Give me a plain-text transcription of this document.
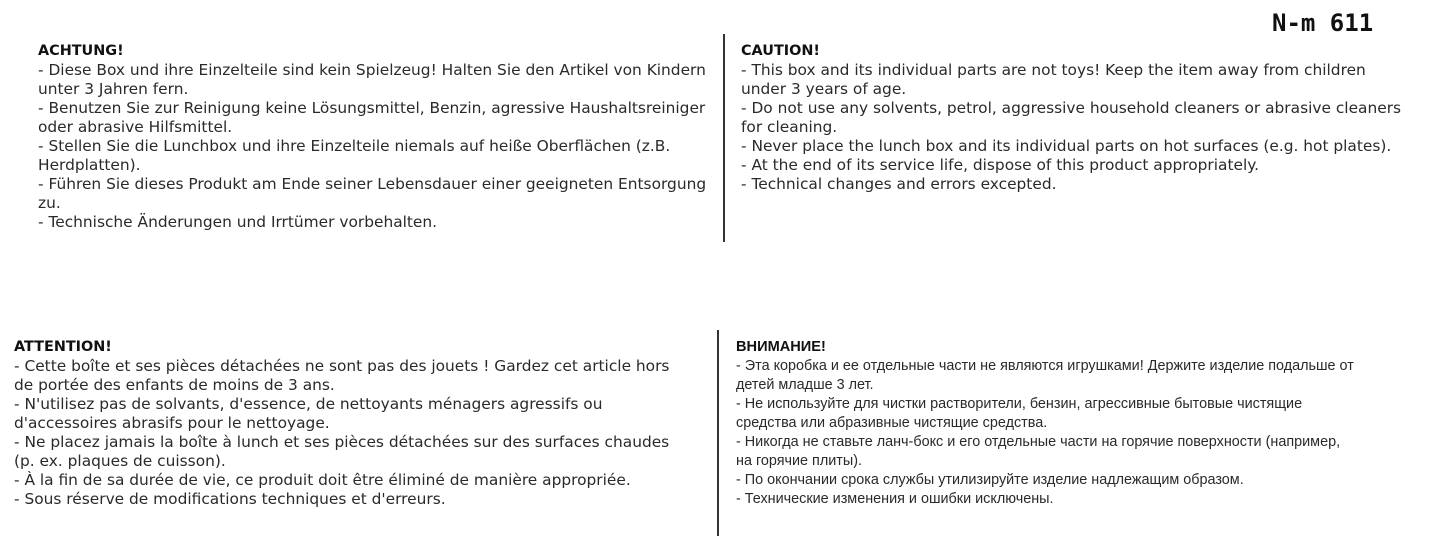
N-m 611
ACHTUNG!

- Diese Box und ihre Einzelteile sind kein Spielzeug! Halten Sie den Artikel von Kindern

unter 3 Jahren fern.

- Benutzen Sie zur Reinigung keine Lösungsmittel, Benzin, agressive Haushaltsreiniger

oder abrasive Hilfsmittel.

- Stellen Sie die Lunchbox und ihre Einzelteile niemals auf heiße Oberflächen (z.B.

Herdplatten).

- Führen Sie dieses Produkt am Ende seiner Lebensdauer einer geeigneten Entsorgung

zu.

- Technische Änderungen und Irrtümer vorbehalten.

CAUTION!

- This box and its individual parts are not toys! Keep the item away from children

under 3 years of age.

- Do not use any solvents, petrol, aggressive household cleaners or abrasive cleaners

for cleaning.

- Never place the lunch box and its individual parts on hot surfaces (e.g. hot plates).

- At the end of its service life, dispose of this product appropriately.

- Technical changes and errors excepted.

ATTENTION!

- Cette boîte et ses pièces détachées ne sont pas des jouets ! Gardez cet article hors

de portée des enfants de moins de 3 ans.

- N'utilisez pas de solvants, d'essence, de nettoyants ménagers agressifs ou

d'accessoires abrasifs pour le nettoyage.

- Ne placez jamais la boîte à lunch et ses pièces détachées sur des surfaces chaudes

(p. ex. plaques de cuisson).

- À la fin de sa durée de vie, ce produit doit être éliminé de manière appropriée.

- Sous réserve de modifications techniques et d'erreurs.

ВНИМАНИЕ!

- Эта коробка и ее отдельные части не являются игрушками! Держите изделие подальше от

детей младше 3 лет.

- Не используйте для чистки растворители, бензин, агрессивные бытовые чистящие

средства или абразивные чистящие средства.

- Никогда не ставьте ланч-бокс и его отдельные части на горячие поверхности (например,

на горячие плиты).

- По окончании срока службы утилизируйте изделие надлежащим образом.

- Технические изменения и ошибки исключены.
